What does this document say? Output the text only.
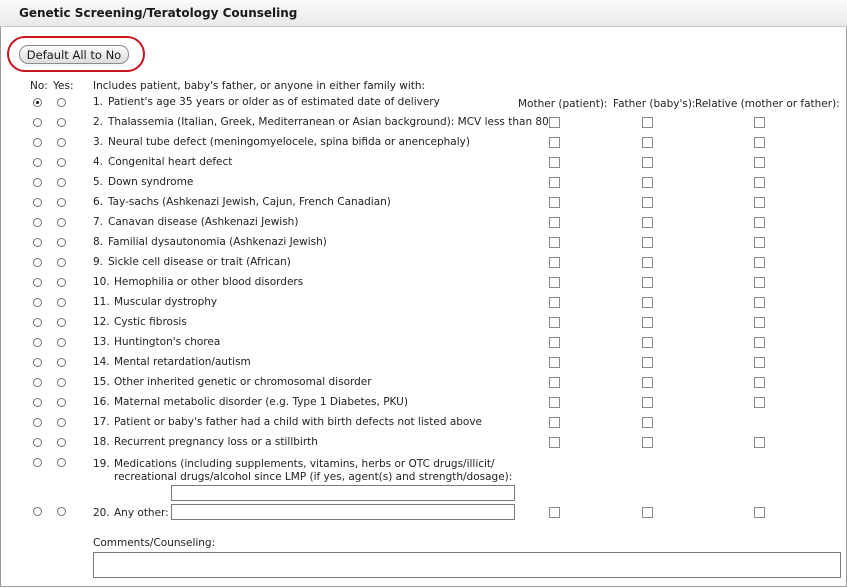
Genetic Screening/Teratology Counseling
Default All to No
No: Yes: Includes patient, baby's father, or anyone in either family with:
Mother (patient): Father (baby's): Relative (mother or father):
1. Patient's age 35 years or older as of estimated date of delivery
2. Thalassemia (Italian, Greek, Mediterranean or Asian background): MCV less than 80
3. Neural tube defect (meningomyelocele, spina bifida or anencephaly)
4. Congenital heart defect
5. Down syndrome
6. Tay-sachs (Ashkenazi Jewish, Cajun, French Canadian)
7. Canavan disease (Ashkenazi Jewish)
8. Familial dysautonomia (Ashkenazi Jewish)
9. Sickle cell disease or trait (African)
10. Hemophilia or other blood disorders
11. Muscular dystrophy
12. Cystic fibrosis
13. Huntington's chorea
14. Mental retardation/autism
15. Other inherited genetic or chromosomal disorder
16. Maternal metabolic disorder (e.g. Type 1 Diabetes, PKU)
17. Patient or baby's father had a child with birth defects not listed above
18. Recurrent pregnancy loss or a stillbirth
19. Medications (including supplements, vitamins, herbs or OTC drugs/illicit/
recreational drugs/alcohol since LMP (if yes, agent(s) and strength/dosage):
20. Any other:
Comments/Counseling:
